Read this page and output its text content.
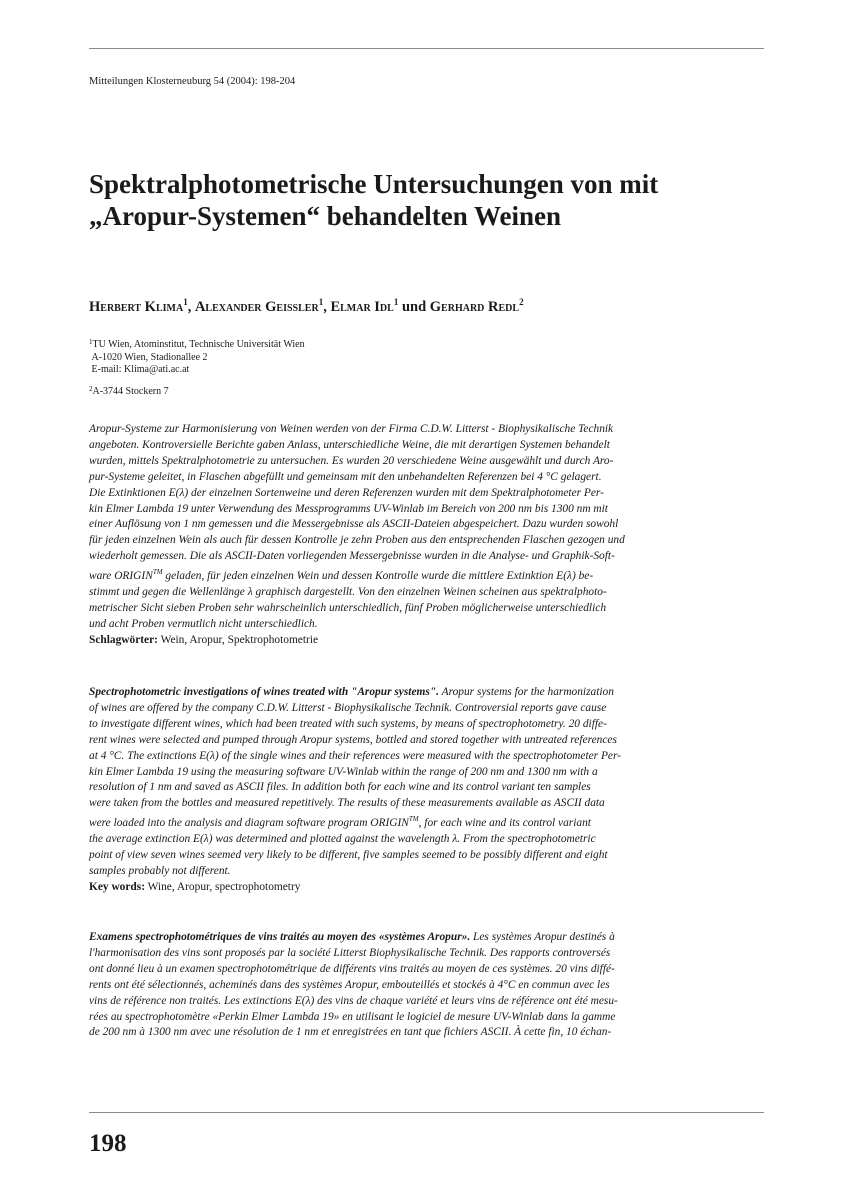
Mitteilungen Klosterneuburg 54 (2004): 198-204
Spektralphotometrische Untersuchungen von mit
„Aropur-Systemen“ behandelten Weinen
Herbert Klima$^1$, Alexander Geissler$^1$, Elmar Idl$^1$ und Gerhard Redl$^2$
$^1$TU Wien, Atominstitut, Technische Universität Wien
A-1020 Wien, Stadionallee 2
E-mail: Klima@ati.ac.at
$^2$A-3744 Stockern 7
Aropur-Systeme zur Harmonisierung von Weinen werden von der Firma C.D.W. Litterst - Biophysikalische Technik
angeboten. Kontroversielle Berichte gaben Anlass, unterschiedliche Weine, die mit derartigen Systemen behandelt
wurden, mittels Spektralphotometrie zu untersuchen. Es wurden 20 verschiedene Weine ausgewählt und durch Aro-
pur-Systeme geleitet, in Flaschen abgefüllt und gemeinsam mit den unbehandelten Referenzen bei 4 °C gelagert.
Die Extinktionen E(λ) der einzelnen Sortenweine und deren Referenzen wurden mit dem Spektralphotometer Per-
kin Elmer Lambda 19 unter Verwendung des Messprogramms UV-Winlab im Bereich von 200 nm bis 1300 nm mit
einer Auflösung von 1 nm gemessen und die Messergebnisse als ASCII-Dateien abgespeichert. Dazu wurden sowohl
für jeden einzelnen Wein als auch für dessen Kontrolle je zehn Proben aus den entsprechenden Flaschen gezogen und
wiederholt gemessen. Die als ASCII-Daten vorliegenden Messergebnisse wurden in die Analyse- und Graphik-Soft-
ware ORIGIN™ geladen, für jeden einzelnen Wein und dessen Kontrolle wurde die mittlere Extinktion E(λ) be-
stimmt und gegen die Wellenlänge λ graphisch dargestellt. Von den einzelnen Weinen scheinen aus spektralphoto-
metrischer Sicht sieben Proben sehr wahrscheinlich unterschiedlich, fünf Proben möglicherweise unterschiedlich
und acht Proben vermutlich nicht unterschiedlich.
Schlagwörter: Wein, Aropur, Spektrophotometrie
Spectrophotometric investigations of wines treated with "Aropur systems". Aropur systems for the harmonization
of wines are offered by the company C.D.W. Litterst - Biophysikalische Technik. Controversial reports gave cause
to investigate different wines, which had been treated with such systems, by means of spectrophotometry. 20 diffe-
rent wines were selected and pumped through Aropur systems, bottled and stored together with untreated references
at 4 °C. The extinctions E(λ) of the single wines and their references were measured with the spectrophotometer Per-
kin Elmer Lambda 19 using the measuring software UV-Winlab within the range of 200 nm and 1300 nm with a
resolution of 1 nm and saved as ASCII files. In addition both for each wine and its control variant ten samples
were taken from the bottles and measured repetitively. The results of these measurements available as ASCII data
were loaded into the analysis and diagram software program ORIGIN™, for each wine and its control variant
the average extinction E(λ) was determined and plotted against the wavelength λ. From the spectrophotometric
point of view seven wines seemed very likely to be different, five samples seemed to be possibly different and eight
samples probably not different.
Key words: Wine, Aropur, spectrophotometry
Examens spectrophotométriques de vins traités au moyen des «systèmes Aropur». Les systèmes Aropur destinés à
l'harmonisation des vins sont proposés par la société Litterst Biophysikalische Technik. Des rapports controversés
ont donné lieu à un examen spectrophotométrique de différents vins traités au moyen de ces systèmes. 20 vins diffé-
rents ont été sélectionnés, acheminés dans des systèmes Aropur, embouteillés et stockés à 4°C en commun avec les
vins de référence non traités. Les extinctions E(λ) des vins de chaque variété et leurs vins de référence ont été mesu-
rées au spectrophotomètre «Perkin Elmer Lambda 19» en utilisant le logiciel de mesure UV-Winlab dans la gamme
de 200 nm à 1300 nm avec une résolution de 1 nm et enregistrées en tant que fichiers ASCII. À cette fin, 10 échan-
198
